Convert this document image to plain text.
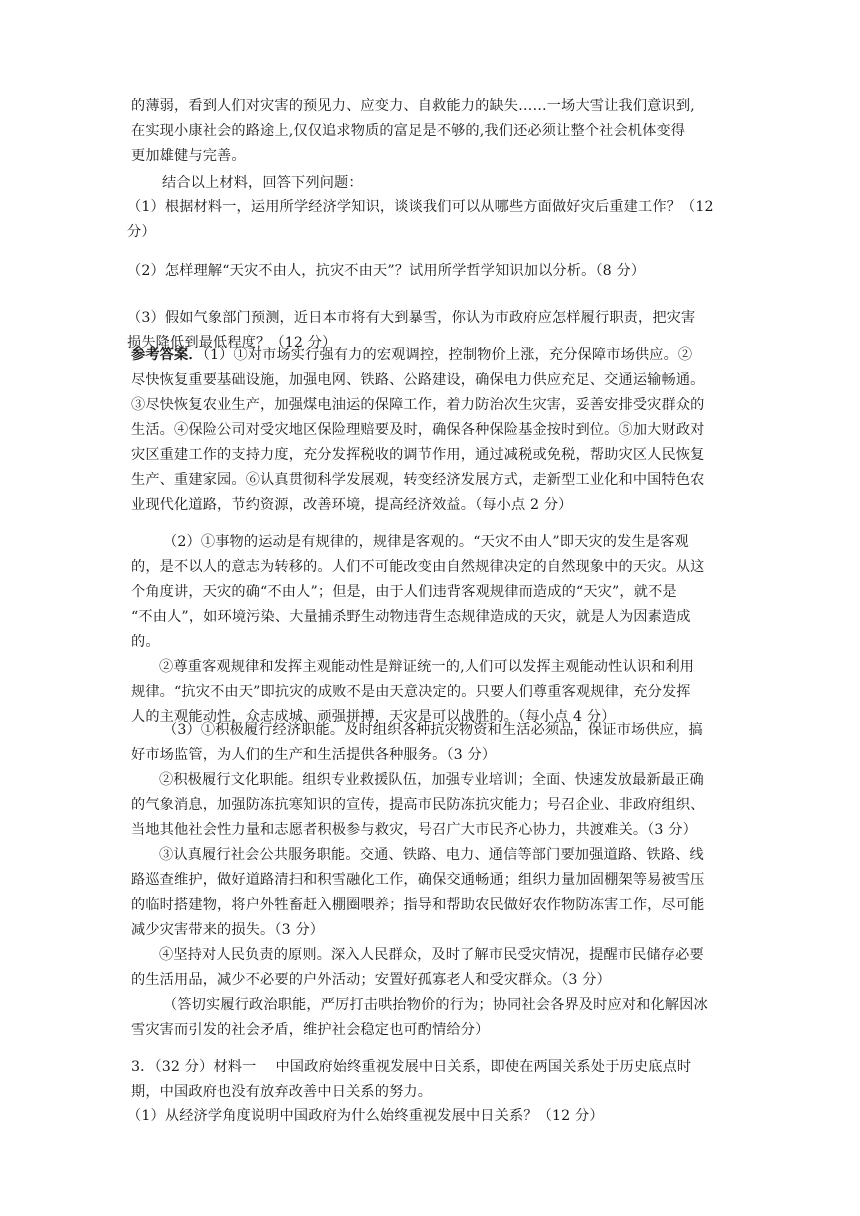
的薄弱，看到人们对灾害的预见力、应变力、自救能力的缺失……一场大雪让我们意识到,
在实现小康社会的路途上,仅仅追求物质的富足是不够的,我们还必须让整个社会机体变得
更加雄健与完善。
结合以上材料，回答下列问题：
（1）根据材料一，运用所学经济学知识，谈谈我们可以从哪些方面做好灾后重建工作？（12
分）
（2）怎样理解“天灾不由人，抗灾不由天”？试用所学哲学知识加以分析。（8 分）
（3）假如气象部门预测，近日本市将有大到暴雪，你认为市政府应怎样履行职责，把灾害
损失降低到最低程度？（12 分）
参考答案．（1）①对市场实行强有力的宏观调控，控制物价上涨，充分保障市场供应。②
尽快恢复重要基础设施，加强电网、铁路、公路建设，确保电力供应充足、交通运输畅通。
③尽快恢复农业生产，加强煤电油运的保障工作，着力防治次生灾害，妥善安排受灾群众的
生活。④保险公司对受灾地区保险理赔要及时，确保各种保险基金按时到位。⑤加大财政对
灾区重建工作的支持力度，充分发挥税收的调节作用，通过减税或免税，帮助灾区人民恢复
生产、重建家园。⑥认真贯彻科学发展观，转变经济发展方式，走新型工业化和中国特色农
业现代化道路，节约资源，改善环境，提高经济效益。（每小点 2 分）
（2）①事物的运动是有规律的，规律是客观的。“天灾不由人”即天灾的发生是客观
的，是不以人的意志为转移的。人们不可能改变由自然规律决定的自然现象中的天灾。从这
个角度讲，天灾的确“不由人”；但是，由于人们违背客观规律而造成的“天灾”，就不是
“不由人”，如环境污染、大量捕杀野生动物违背生态规律造成的天灾，就是人为因素造成
的。
②尊重客观规律和发挥主观能动性是辩证统一的,人们可以发挥主观能动性认识和利用
规律。“抗灾不由天”即抗灾的成败不是由天意决定的。只要人们尊重客观规律，充分发挥
人的主观能动性，众志成城、顽强拼搏，天灾是可以战胜的。（每小点 4 分）
（3）①积极履行经济职能。及时组织各种抗灾物资和生活必须品，保证市场供应，搞
好市场监管，为人们的生产和生活提供各种服务。（3 分）
②积极履行文化职能。组织专业救援队伍，加强专业培训；全面、快速发放最新最正确
的气象消息，加强防冻抗寒知识的宣传，提高市民防冻抗灾能力；号召企业、非政府组织、
当地其他社会性力量和志愿者积极参与救灾，号召广大市民齐心协力，共渡难关。（3 分）
③认真履行社会公共服务职能。交通、铁路、电力、通信等部门要加强道路、铁路、线
路巡查维护，做好道路清扫和积雪融化工作，确保交通畅通；组织力量加固棚架等易被雪压
的临时搭建物，将户外牲畜赶入棚圈喂养；指导和帮助农民做好农作物防冻害工作，尽可能
减少灾害带来的损失。（3 分）
④坚持对人民负责的原则。深入人民群众，及时了解市民受灾情况，提醒市民储存必要
的生活用品，减少不必要的户外活动；安置好孤寡老人和受灾群众。（3 分）
（答切实履行政治职能，严厉打击哄抬物价的行为；协同社会各界及时应对和化解因冰
雪灾害而引发的社会矛盾，维护社会稳定也可酌情给分）
3．（32 分）材料一　 中国政府始终重视发展中日关系，即使在两国关系处于历史底点时
期，中国政府也没有放弃改善中日关系的努力。
（1）从经济学角度说明中国政府为什么始终重视发展中日关系？（12 分）
